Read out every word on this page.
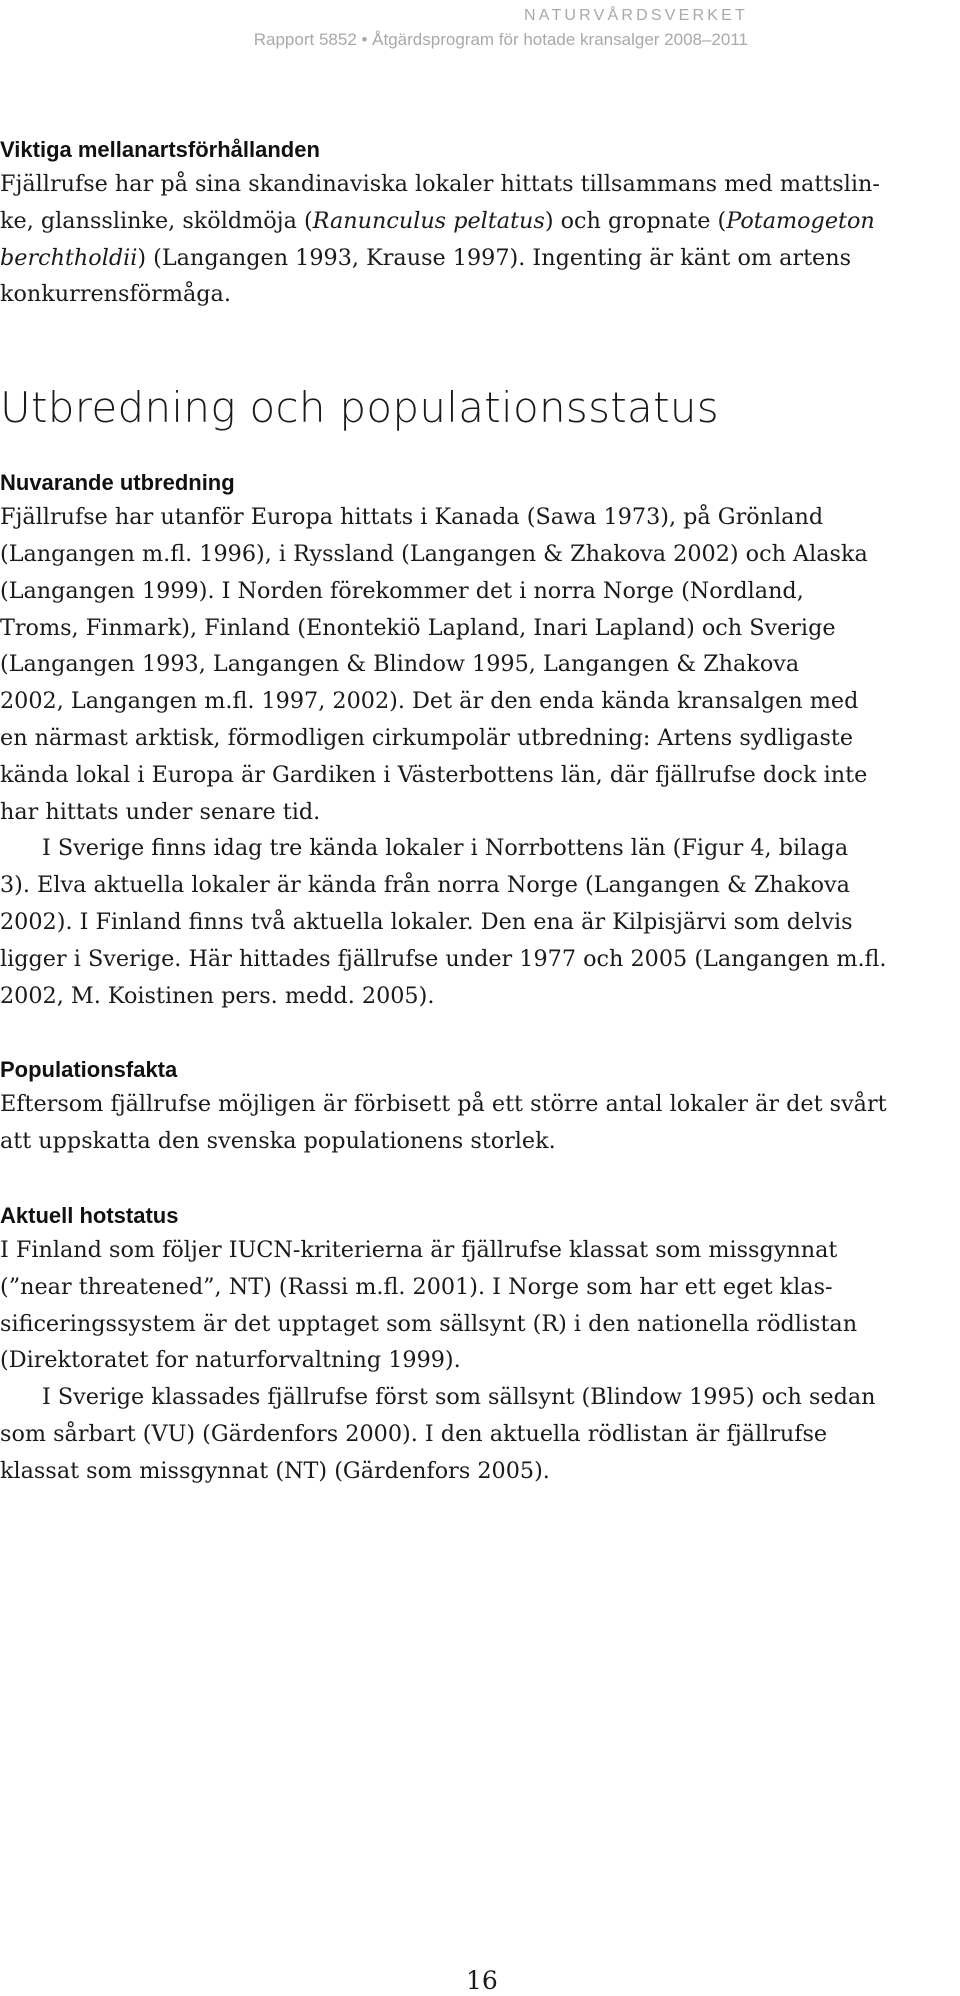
NATURVÅRDSVERKET
Rapport 5852 • Åtgärdsprogram för hotade kransalger 2008–2011
Viktiga mellanartsförhållanden

Fjällrufse har på sina skandinaviska lokaler hittats tillsammans med mattslin-

ke, glansslinke, sköldmöja (Ranunculus peltatus) och gropnate (Potamogeton

berchtholdii) (Langangen 1993, Krause 1997). Ingenting är känt om artens

konkurrensförmåga.

Utbredning och populationsstatus
Nuvarande utbredning

Fjällrufse har utanför Europa hittats i Kanada (Sawa 1973), på Grönland

(Langangen m.fl. 1996), i Ryssland (Langangen & Zhakova 2002) och Alaska

(Langangen 1999). I Norden förekommer det i norra Norge (Nordland,

Troms, Finmark), Finland (Enontekiö Lapland, Inari Lapland) och Sverige

(Langangen 1993, Langangen & Blindow 1995, Langangen & Zhakova

2002, Langangen m.fl. 1997, 2002). Det är den enda kända kransalgen med

en närmast arktisk, förmodligen cirkumpolär utbredning: Artens sydligaste

kända lokal i Europa är Gardiken i Västerbottens län, där fjällrufse dock inte

har hittats under senare tid.

I Sverige finns idag tre kända lokaler i Norrbottens län (Figur 4, bilaga

3). Elva aktuella lokaler är kända från norra Norge (Langangen & Zhakova

2002). I Finland finns två aktuella lokaler. Den ena är Kilpisjärvi som delvis

ligger i Sverige. Här hittades fjällrufse under 1977 och 2005 (Langangen m.fl.

2002, M. Koistinen pers. medd. 2005).

Populationsfakta

Eftersom fjällrufse möjligen är förbisett på ett större antal lokaler är det svårt

att uppskatta den svenska populationens storlek.

Aktuell hotstatus

I Finland som följer IUCN-kriterierna är fjällrufse klassat som missgynnat

(”near threatened”, NT) (Rassi m.fl. 2001). I Norge som har ett eget klas-

sificeringssystem är det upptaget som sällsynt (R) i den nationella rödlistan

(Direktoratet for naturforvaltning 1999).

I Sverige klassades fjällrufse först som sällsynt (Blindow 1995) och sedan

som sårbart (VU) (Gärdenfors 2000). I den aktuella rödlistan är fjällrufse

klassat som missgynnat (NT) (Gärdenfors 2005).

16
